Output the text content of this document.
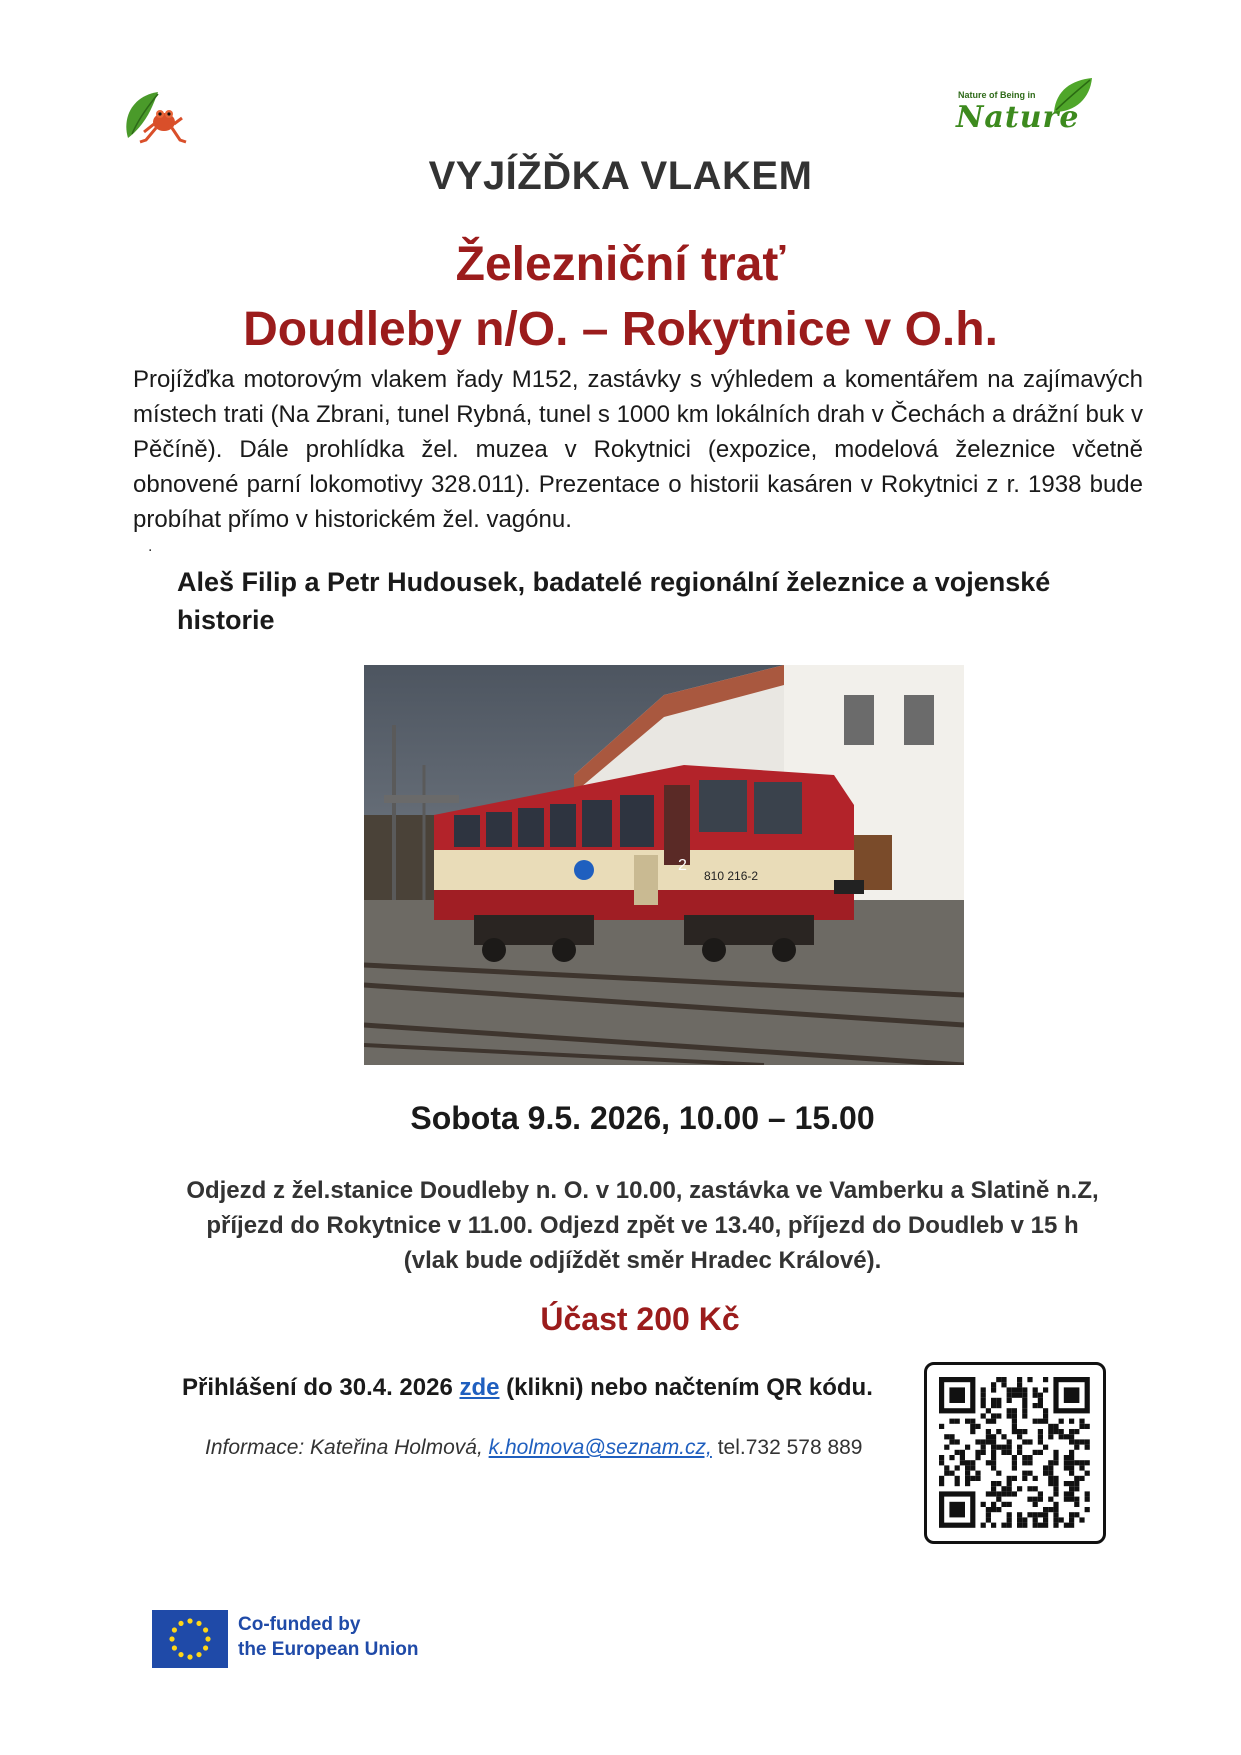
Nature of Being in
Nature
VYJÍŽĎKA VLAKEM
Železniční trať
Doudleby n/O. – Rokytnice v O.h.
Projížďka motorovým vlakem řady M152, zastávky s výhledem a komentářem na zajímavých místech trati (Na Zbrani, tunel Rybná, tunel s 1000 km lokálních drah v Čechách a drážní buk v Pěčíně). Dále prohlídka žel. muzea v Rokytnici (expozice, modelová železnice včetně obnovené parní lokomotivy 328.011). Prezentace o historii kasáren v Rokytnici z r. 1938 bude probíhat přímo v historickém žel. vagónu.
.
Aleš Filip a Petr Hudousek, badatelé regionální železnice a vojenské historie
2
810 216-2
Sobota 9.5. 2026, 10.00 – 15.00
Odjezd z žel.stanice Doudleby n. O. v 10.00, zastávka ve Vamberku a Slatině n.Z,
příjezd do Rokytnice v 11.00. Odjezd zpět ve 13.40, příjezd do Doudleb v 15 h
(vlak bude odjíždět směr Hradec Králové).
Účast 200 Kč
Přihlášení do 30.4. 2026 zde (klikni) nebo načtením QR kódu.
Informace: Kateřina Holmová, k.holmova@seznam.cz, tel.732 578 889
Co-funded by
the European Union
